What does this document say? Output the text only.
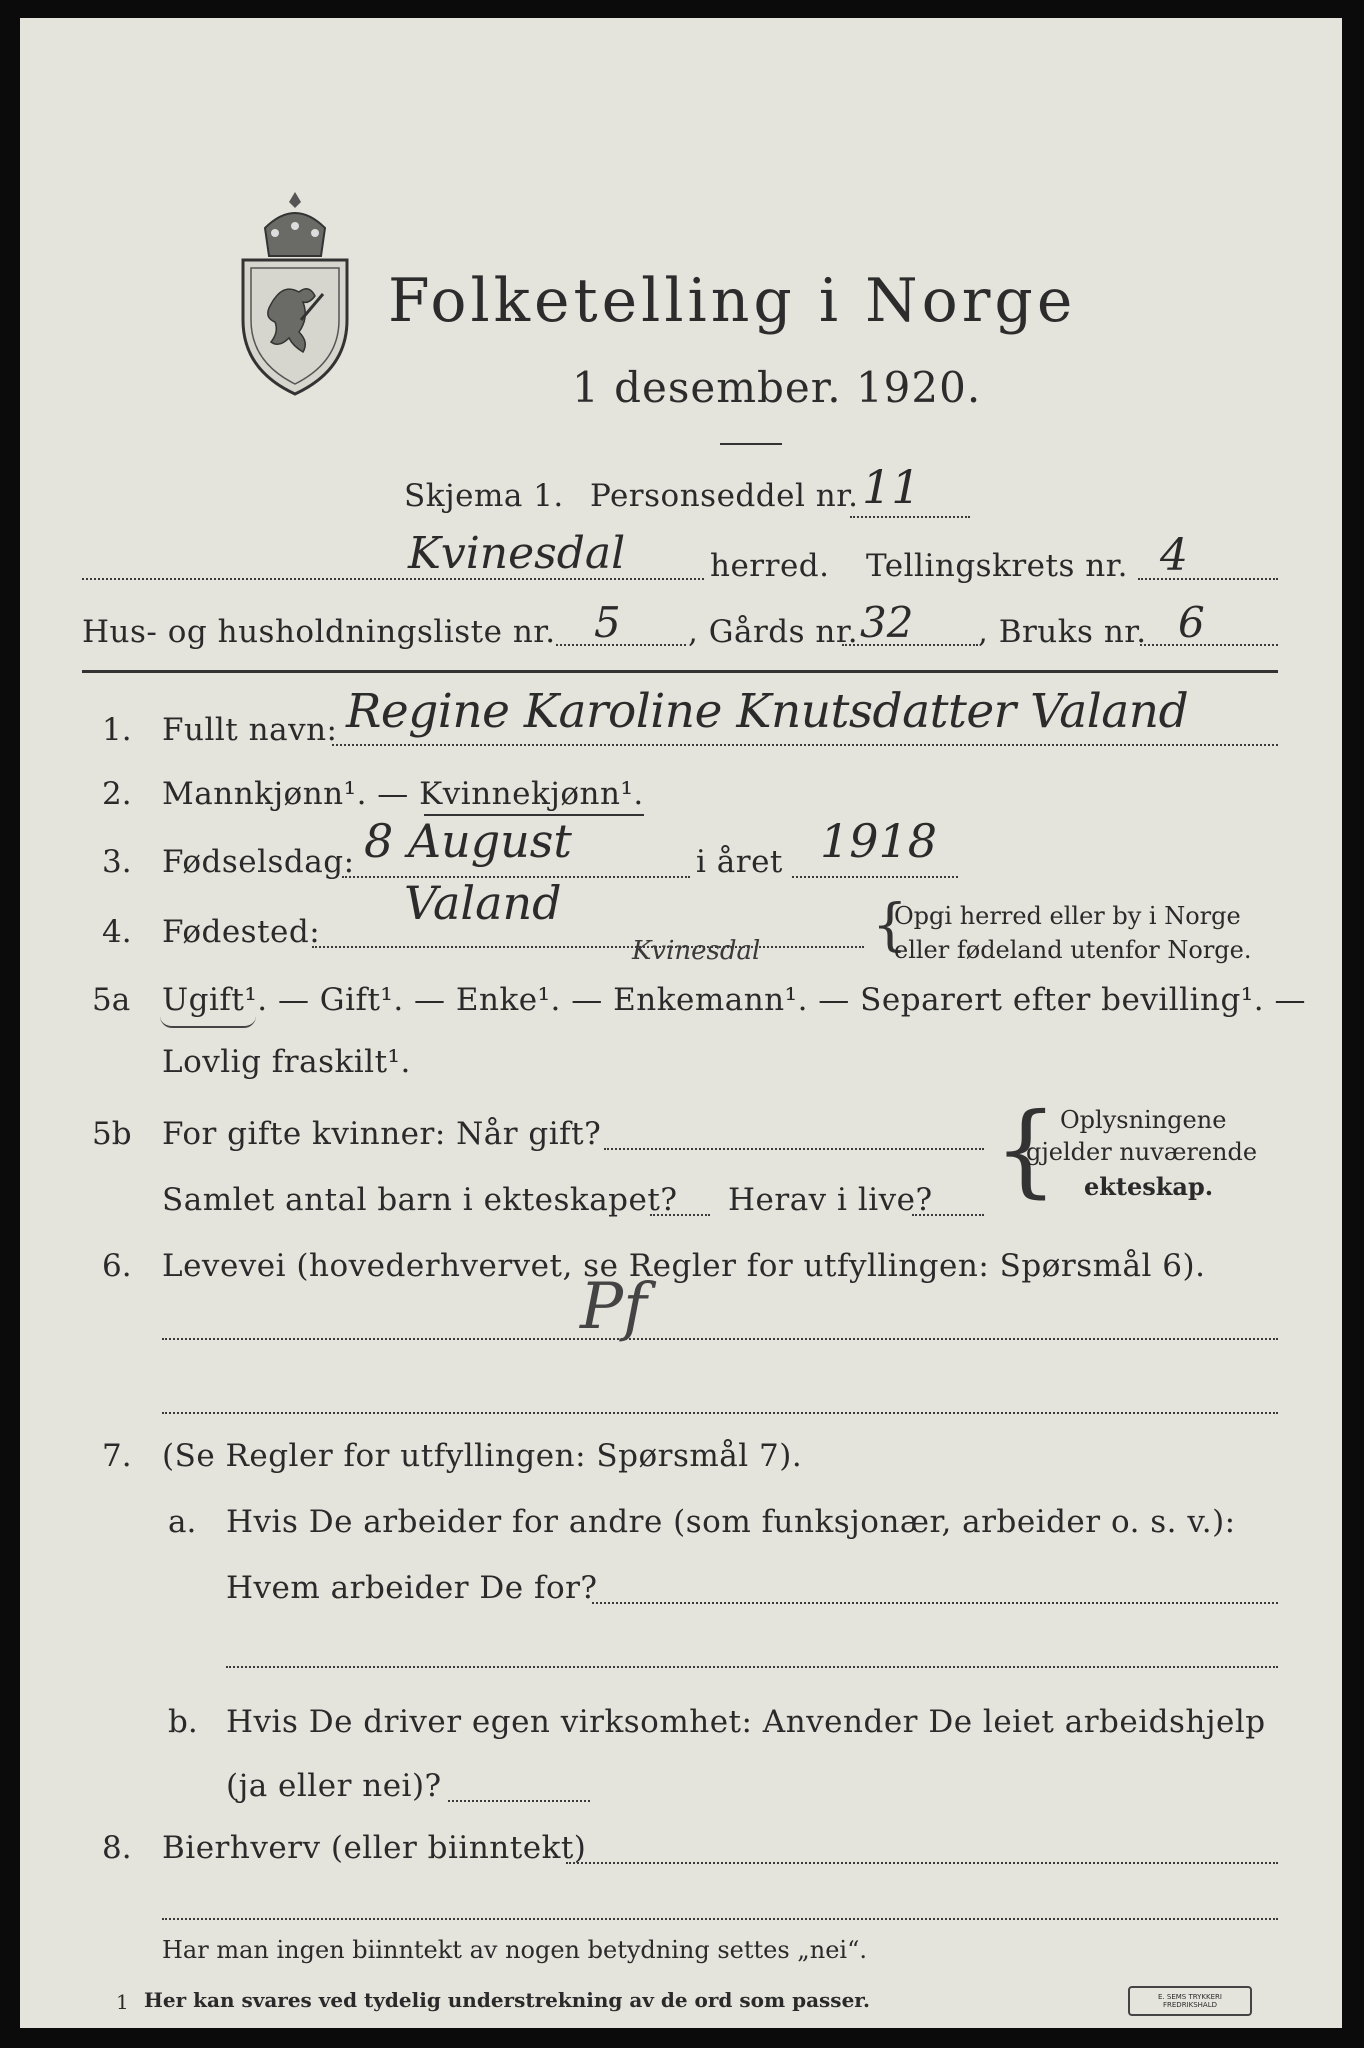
Folketelling i Norge
1 desember. 1920.
Skjema 1. Personseddel nr. 11
Kvinesdal	herred. Tellingskrets nr. 4
Hus- og husholdningsliste nr. 5 , Gårds nr. 32 , Bruks nr. 6
1. Fullt navn: Regine Karoline Knutsdatter Valand
2. Mannkjønn¹. — Kvinnekjønn¹.
3. Fødselsdag: 8 August	i året 1918
4. Fødested:
Valand
Kvinesdal {
Opgi herred eller by i Norge
eller fødeland utenfor Norge.
5a Ugift¹. — Gift¹. — Enke¹. — Enkemann¹. — Separert efter bevilling¹. —
Lovlig fraskilt¹.
5b For gifte kvinner: Når gift?
Samlet antal barn i ekteskapet? Herav i live? { Oplysningene
gjelder nuværende
ekteskap.
6. Levevei (hovederhvervet, se Regler for utfyllingen: Spørsmål 6).
Pf
7. (Se Regler for utfyllingen: Spørsmål 7).
a. Hvis De arbeider for andre (som funksjonær, arbeider o. s. v.):
Hvem arbeider De for?
b. Hvis De driver egen virksomhet: Anvender De leiet arbeidshjelp
(ja eller nei)?
8. Bierhverv (eller biinntekt)
Har man ingen biinntekt av nogen betydning settes „nei“.
1 Her kan svares ved tydelig understrekning av de ord som passer.	E. SEMS TRYKKERI FREDRIKSHALD
